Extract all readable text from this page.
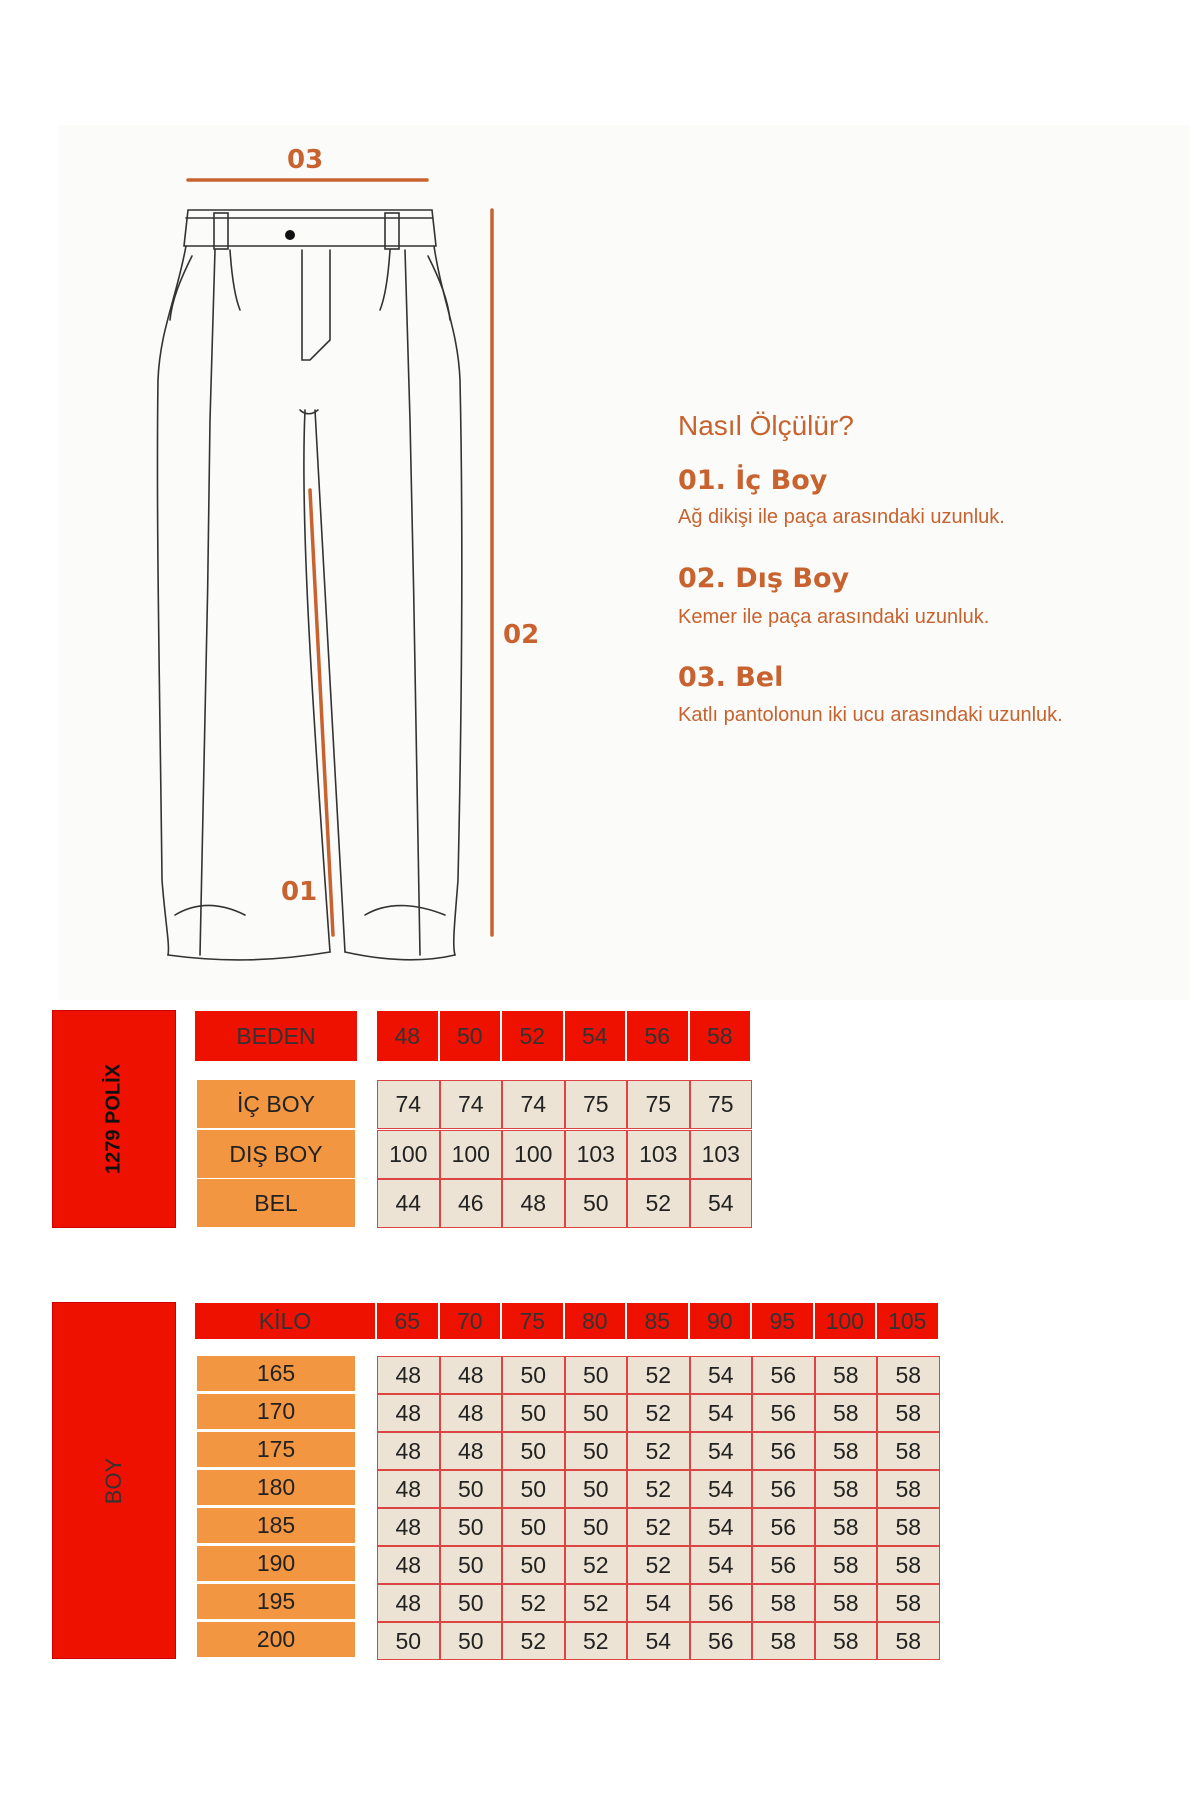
03
02
01
Nasıl Ölçülür?
01. İç Boy
Ağ dikişi ile paça arasındaki uzunluk.
02. Dış Boy
Kemer ile paça arasındaki uzunluk.
03. Bel
Katlı pantolonun iki ucu arasındaki uzunluk.
1279 POLİX
BEDEN	48	50	52	54	56	58
İÇ BOY	74	74	74	75	75	75
DIŞ BOY	100	100	100	103	103	103
BEL	44	46	48	50	52	54
BOY
KİLO	65	70	75	80	85	90	95	100	105
165	48	48	50	50	52	54	56	58	58
170	48	48	50	50	52	54	56	58	58
175	48	48	50	50	52	54	56	58	58
180	48	50	50	50	52	54	56	58	58
185	48	50	50	50	52	54	56	58	58
190	48	50	50	52	52	54	56	58	58
195	48	50	52	52	54	56	58	58	58
200	50	50	52	52	54	56	58	58	58
